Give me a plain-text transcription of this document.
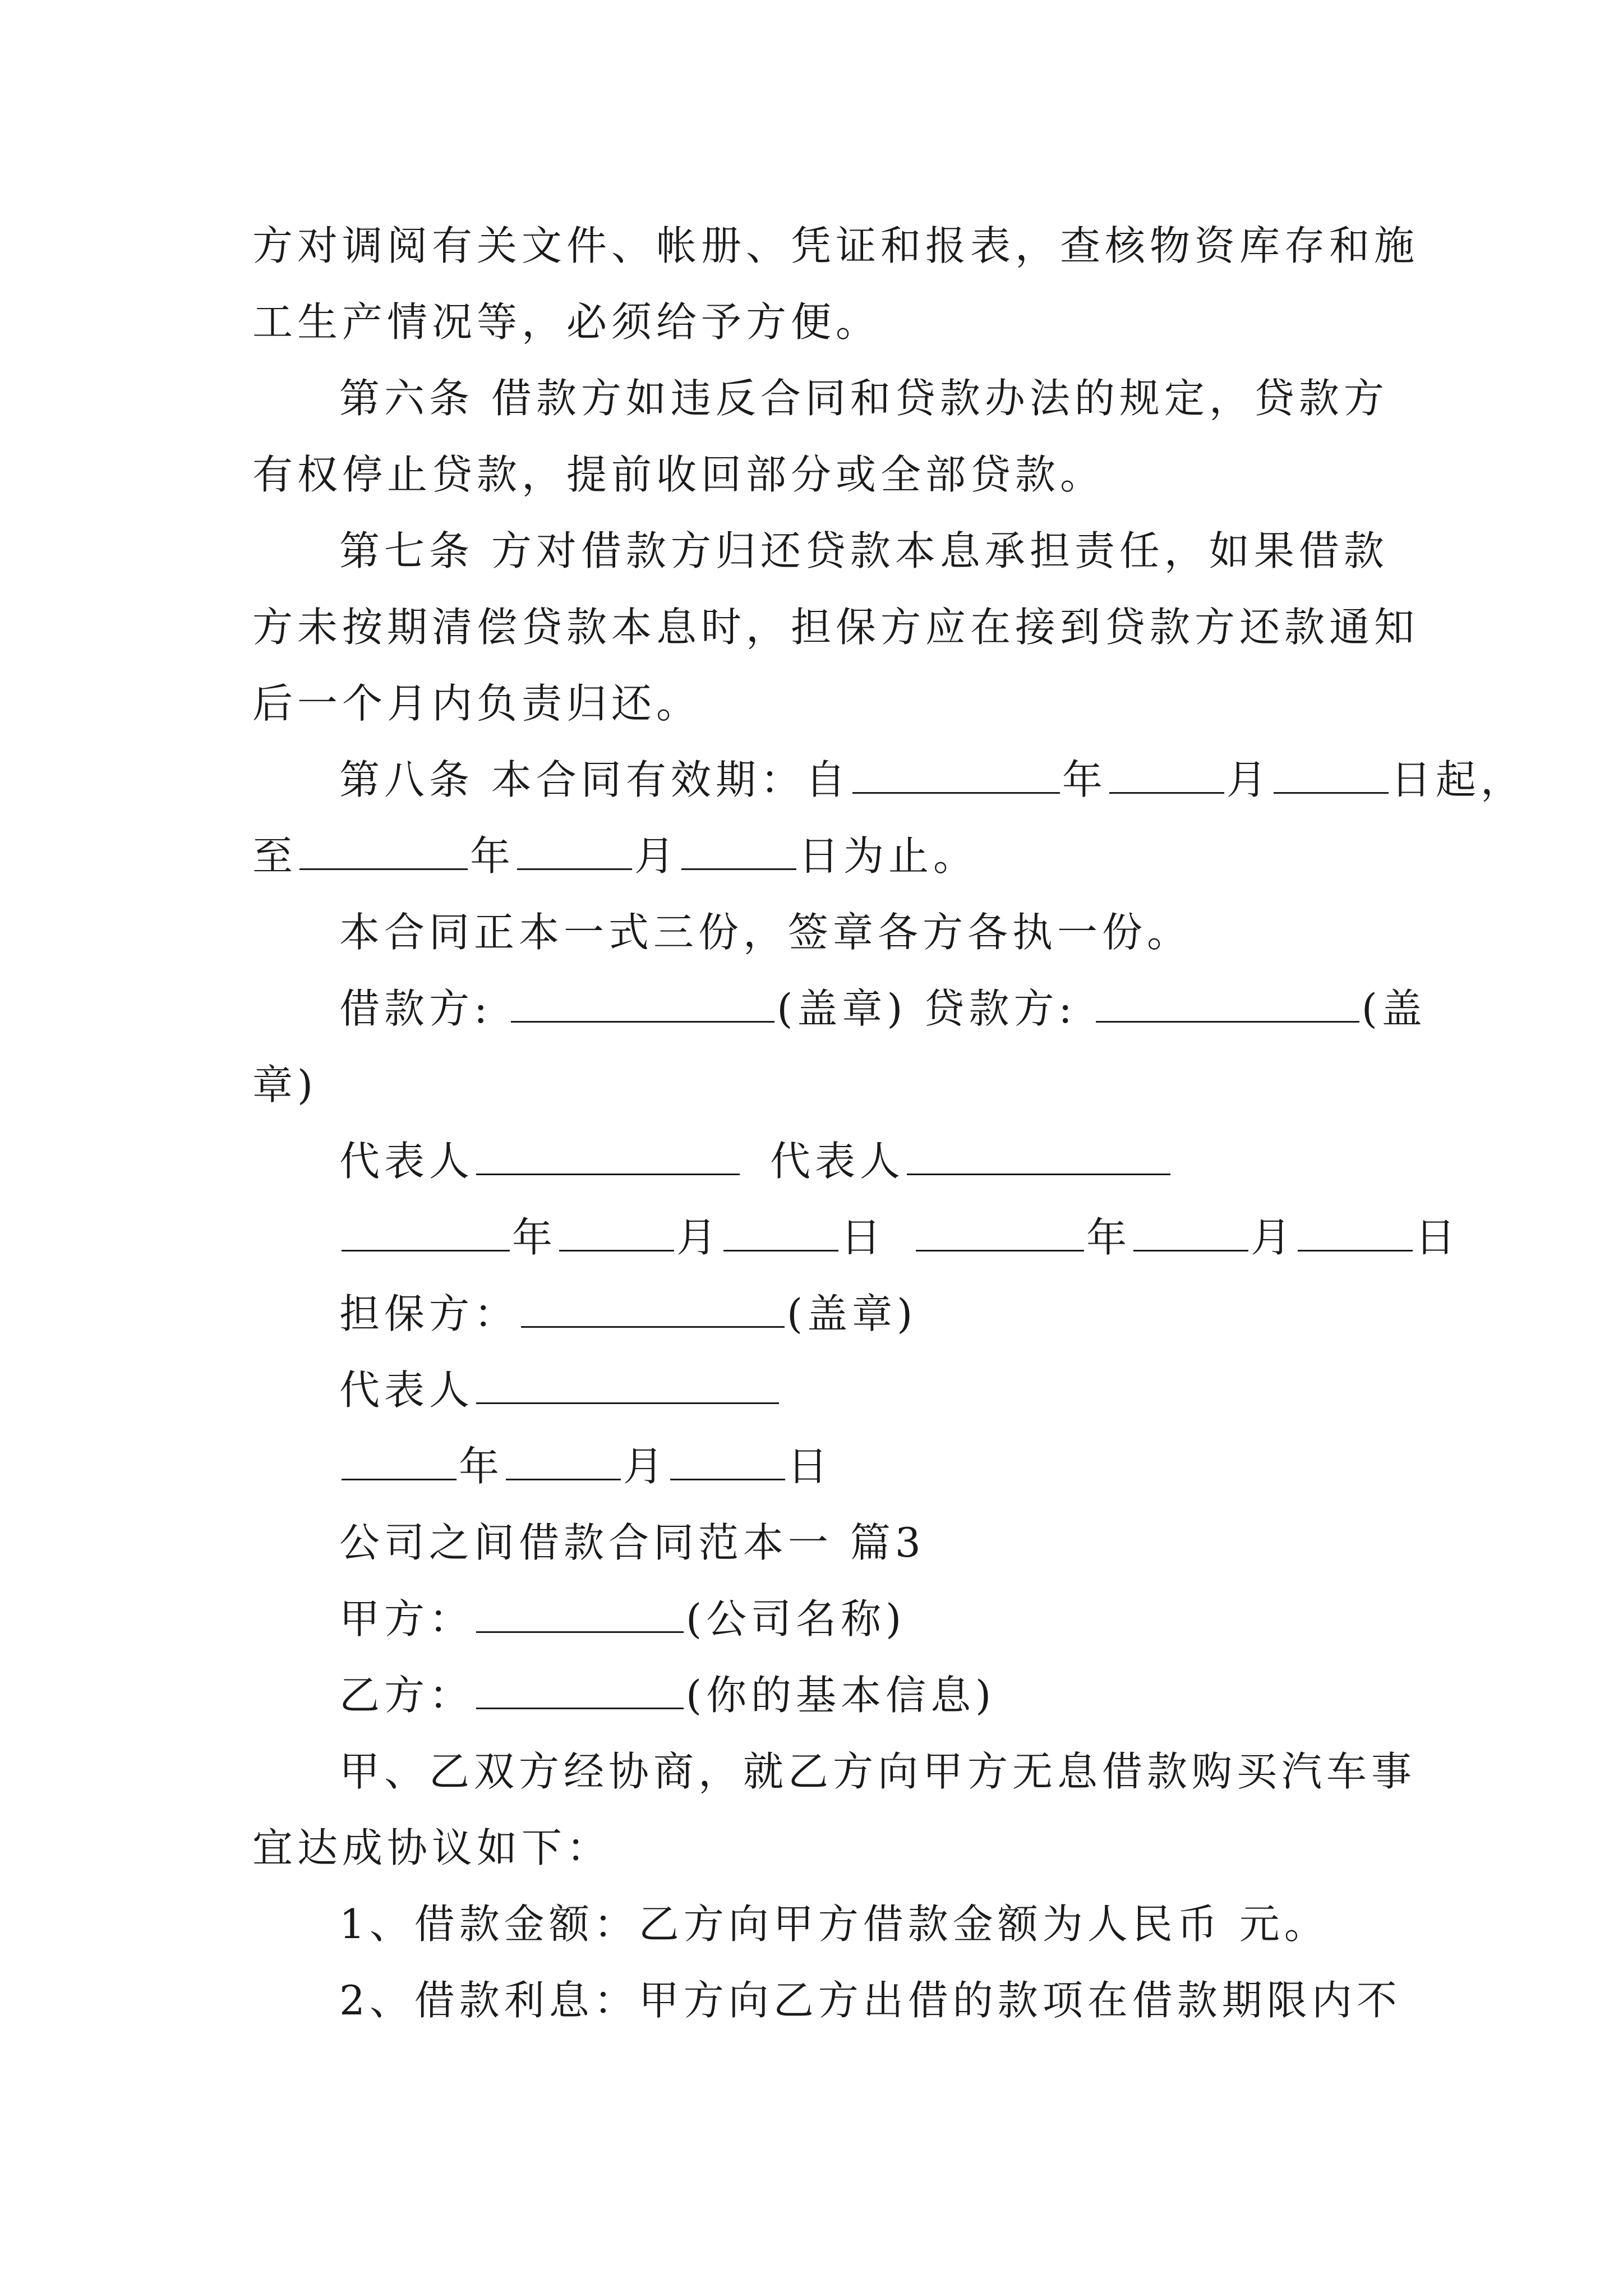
方对调阅有关文件、帐册、凭证和报表，查核物资库存和施
工生产情况等，必须给予方便。
第六条 借款方如违反合同和贷款办法的规定，贷款方
有权停止贷款，提前收回部分或全部贷款。
第七条 方对借款方归还贷款本息承担责任，如果借款
方未按期清偿贷款本息时，担保方应在接到贷款方还款通知
后一个月内负责归还。
第八条 本合同有效期：自	年	月	日起，
至	年	月	日为止。
本合同正本一式三份，签章各方各执一份。
借款方:	(盖章) 贷款方:	(盖
章)
代表人	代表人
年	月	日	年	月	日
担保方：	(盖章)
代表人
年	月	日
公司之间借款合同范本一 篇3
甲方：	(公司名称)
乙方：	(你的基本信息)
甲、乙双方经协商，就乙方向甲方无息借款购买汽车事
宜达成协议如下：
1、借款金额：乙方向甲方借款金额为人民币 元。
2、借款利息：甲方向乙方出借的款项在借款期限内不
